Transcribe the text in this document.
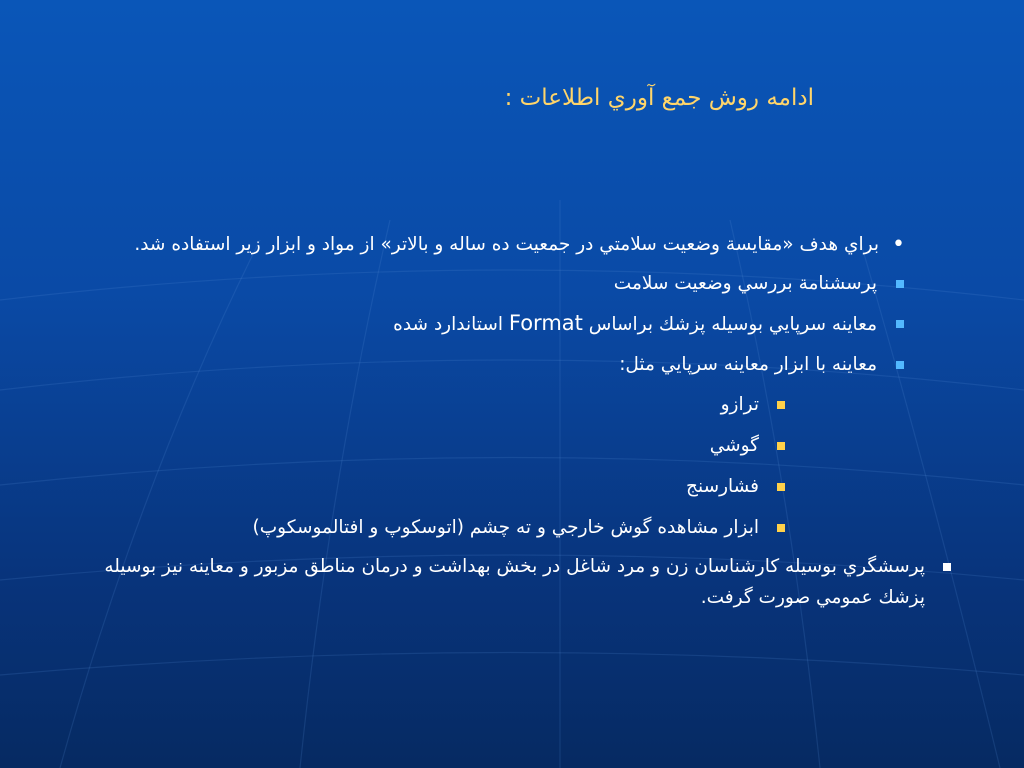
ادامه روش جمع آوري اطلاعات :
•
براي هدف «مقايسة وضعيت سلامتي در جمعيت ده ساله و بالاتر» از مواد و ابزار زير استفاده شد.
پرسشنامة بررسي وضعيت سلامت
معاينه سرپايي بوسيله پزشك براساس Format استاندارد شده
معاينه با ابزار معاينه سرپايي مثل:
ترازو
گوشي
فشارسنج
ابزار مشاهده گوش خارجي و ته چشم (اتوسكوپ و افتالموسكوپ)
پرسشگري بوسيله كارشناسان زن و مرد شاغل در بخش بهداشت و درمان مناطق مزبور و معاينه نيز بوسيله پزشك عمومي صورت گرفت.
